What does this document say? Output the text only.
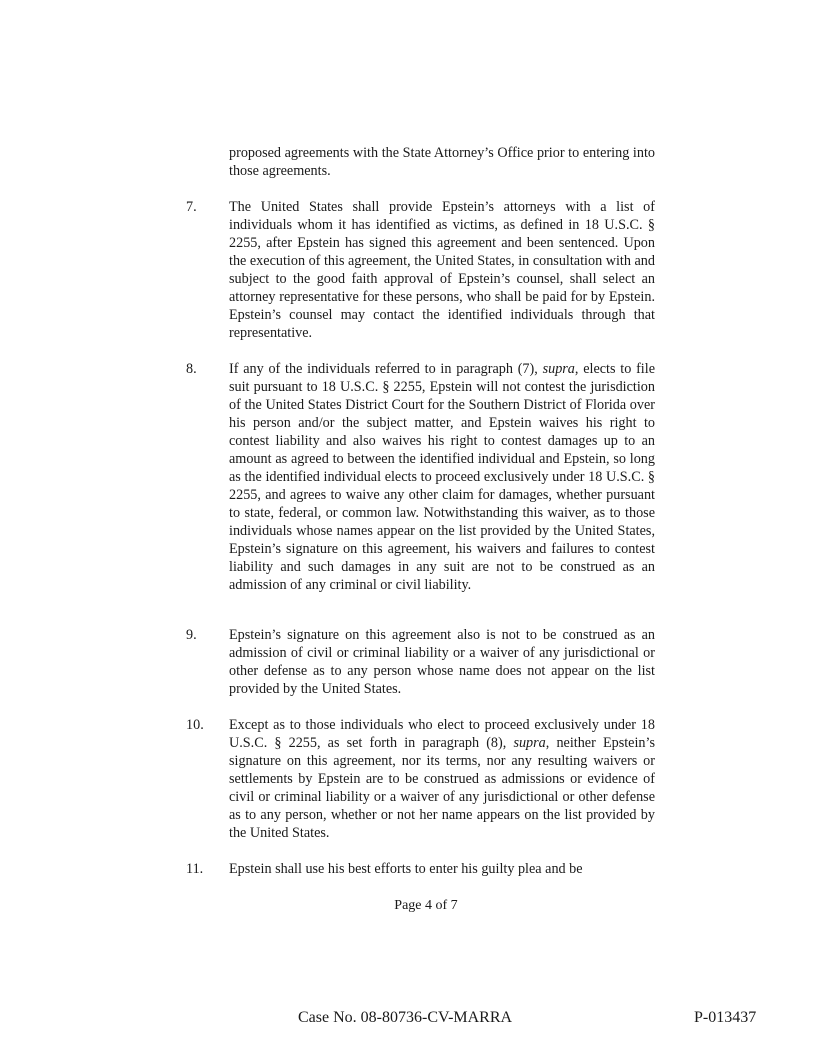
proposed agreements with the State Attorney’s Office prior to entering into those agreements.

7. The United States shall provide Epstein’s attorneys with a list of individuals whom it has identified as victims, as defined in 18 U.S.C. § 2255, after Epstein has signed this agreement and been sentenced. Upon the execution of this agreement, the United States, in consultation with and subject to the good faith approval of Epstein’s counsel, shall select an attorney representative for these persons, who shall be paid for by Epstein. Epstein’s counsel may contact the identified individuals through that representative.

8. If any of the individuals referred to in paragraph (7), supra, elects to file suit pursuant to 18 U.S.C. § 2255, Epstein will not contest the jurisdiction of the United States District Court for the Southern District of Florida over his person and/or the subject matter, and Epstein waives his right to contest liability and also waives his right to contest damages up to an amount as agreed to between the identified individual and Epstein, so long as the identified individual elects to proceed exclusively under 18 U.S.C. § 2255, and agrees to waive any other claim for damages, whether pursuant to state, federal, or common law. Notwithstanding this waiver, as to those individuals whose names appear on the list provided by the United States, Epstein’s signature on this agreement, his waivers and failures to contest liability and such damages in any suit are not to be construed as an admission of any criminal or civil liability.

9. Epstein’s signature on this agreement also is not to be construed as an admission of civil or criminal liability or a waiver of any jurisdictional or other defense as to any person whose name does not appear on the list provided by the United States.

10. Except as to those individuals who elect to proceed exclusively under 18 U.S.C. § 2255, as set forth in paragraph (8), supra, neither Epstein’s signature on this agreement, nor its terms, nor any resulting waivers or settlements by Epstein are to be construed as admissions or evidence of civil or criminal liability or a waiver of any jurisdictional or other defense as to any person, whether or not her name appears on the list provided by the United States.

11. Epstein shall use his best efforts to enter his guilty plea and be

Page 4 of 7
Case No. 08-80736-CV-MARRA	P-013437
